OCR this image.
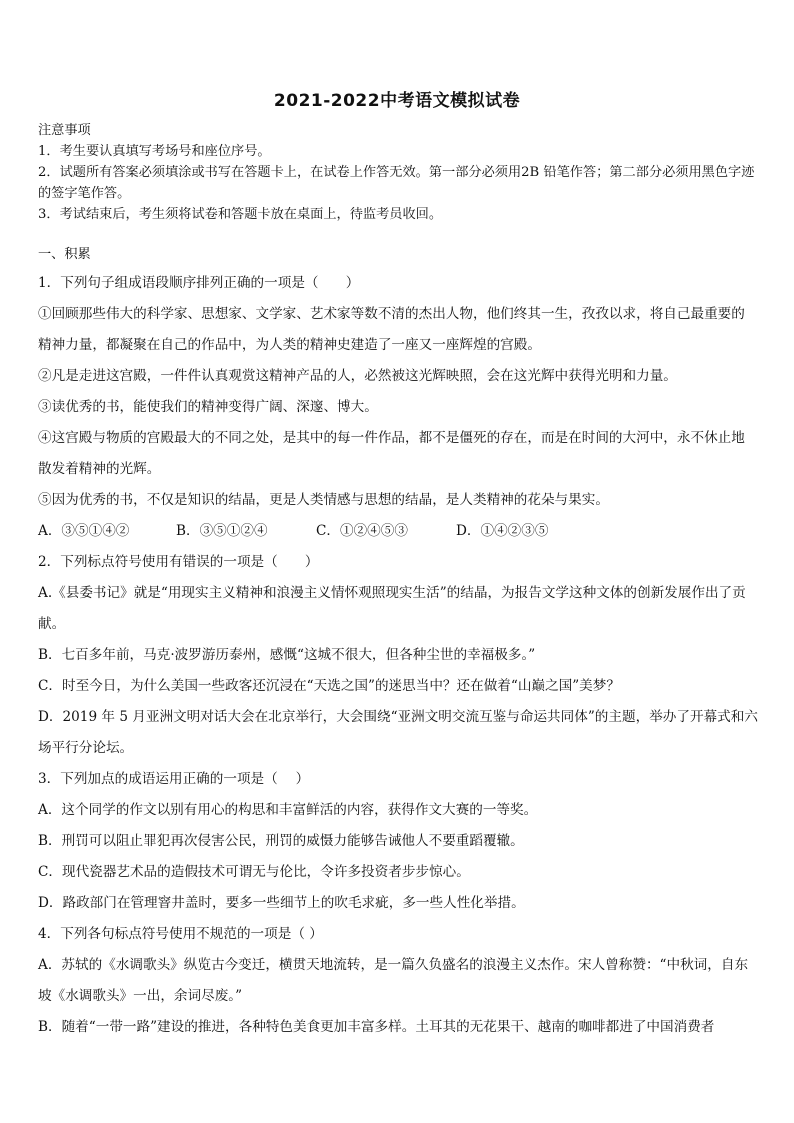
2021-2022中考语文模拟试卷
注意事项
1．考生要认真填写考场号和座位序号。
2．试题所有答案必须填涂或书写在答题卡上，在试卷上作答无效。第一部分必须用2B 铅笔作答；第二部分必须用黑色字迹的签字笔作答。
3．考试结束后，考生须将试卷和答题卡放在桌面上，待监考员收回。
一、积累

1．下列句子组成语段顺序排列正确的一项是（　　）

①回顾那些伟大的科学家、思想家、文学家、艺术家等数不清的杰出人物，他们终其一生，孜孜以求，将自己最重要的精神力量，都凝聚在自己的作品中，为人类的精神史建造了一座又一座辉煌的宫殿。

②凡是走进这宫殿，一件件认真观赏这精神产品的人，必然被这光辉映照，会在这光辉中获得光明和力量。

③读优秀的书，能使我们的精神变得广阔、深邃、博大。

④这宫殿与物质的宫殿最大的不同之处，是其中的每一件作品，都不是僵死的存在，而是在时间的大河中，永不休止地散发着精神的光辉。

⑤因为优秀的书，不仅是知识的结晶，更是人类情感与思想的结晶，是人类精神的花朵与果实。

A．③⑤①④②	B．③⑤①②④	C．①②④⑤③	D．①④②③⑤

2．下列标点符号使用有错误的一项是（　　）

A.《县委书记》就是“用现实主义精神和浪漫主义情怀观照现实生活”的结晶，为报告文学这种文体的创新发展作出了贡献。

B．七百多年前，马克·波罗游历泰州，感慨“这城不很大，但各种尘世的幸福极多。”

C．时至今日，为什么美国一些政客还沉浸在“天选之国”的迷思当中？还在做着“山巅之国”美梦？

D．2019 年 5 月亚洲文明对话大会在北京举行，大会围绕“亚洲文明交流互鉴与命运共同体”的主题，举办了开幕式和六场平行分论坛。

3．下列加点的成语运用正确的一项是（　 ）

A．这个同学的作文以别有用心的构思和丰富鲜活的内容，获得作文大赛的一等奖。

B．刑罚可以阻止罪犯再次侵害公民，刑罚的威慑力能够告诫他人不要重蹈覆辙。

C．现代瓷器艺术品的造假技术可谓无与伦比，令许多投资者步步惊心。

D．路政部门在管理窨井盖时，要多一些细节上的吹毛求疵，多一些人性化举措。

4．下列各句标点符号使用不规范的一项是（ ）

A．苏轼的《水调歌头》纵览古今变迁，横贯天地流转，是一篇久负盛名的浪漫主义杰作。宋人曾称赞：“中秋词，自东坡《水调歌头》一出，余词尽废。”

B．随着“一带一路”建设的推进，各种特色美食更加丰富多样。土耳其的无花果干、越南的咖啡都进了中国消费者
